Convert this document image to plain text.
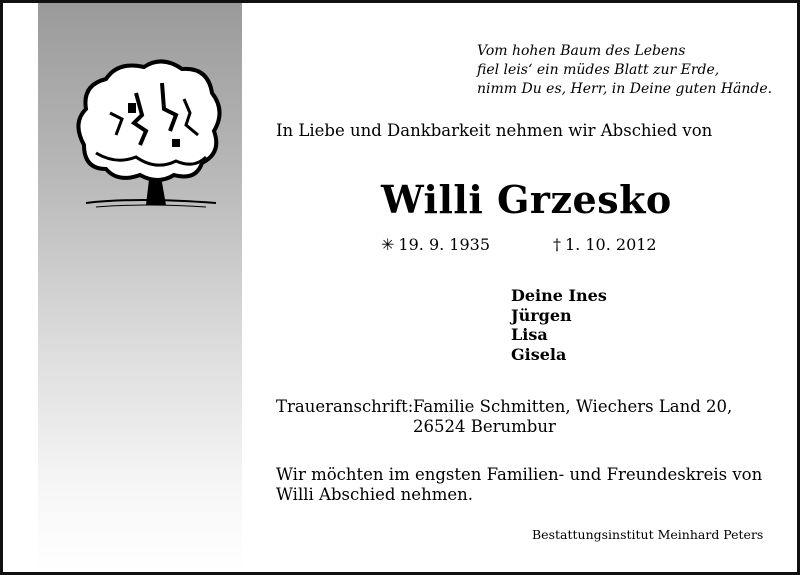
Vom hohen Baum des Lebens
fiel leis‘ ein müdes Blatt zur Erde,
nimm Du es, Herr, in Deine guten Hände.
In Liebe und Dankbarkeit nehmen wir Abschied von
Willi Grzesko
✳ 19. 9. 1935	† 1. 10. 2012
Deine Ines
Jürgen
Lisa
Gisela
Traueranschrift: Familie Schmitten, Wiechers Land 20,
26524 Berumbur
Wir möchten im engsten Familien- und Freundeskreis von
Willi Abschied nehmen.
Bestattungsinstitut Meinhard Peters
